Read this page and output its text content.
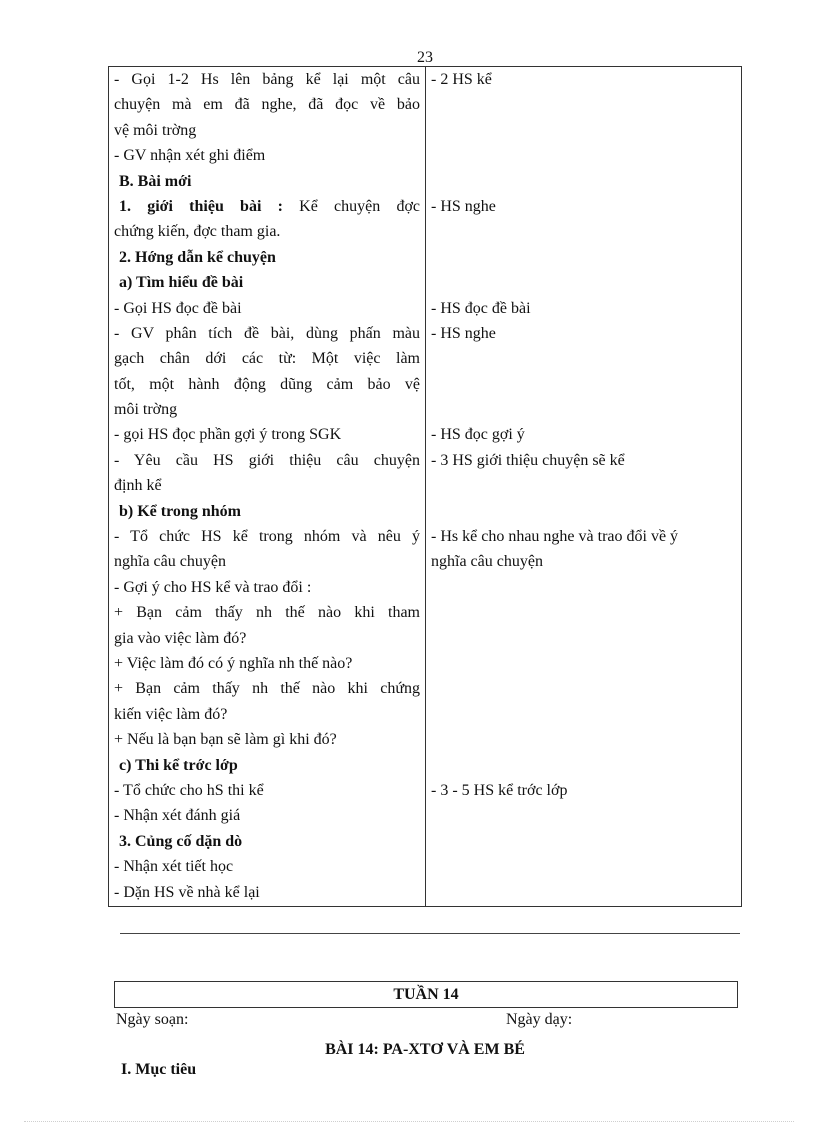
23
- Gọi 1-2 Hs lên bảng kể lại một câu
chuyện mà em đã nghe, đã đọc về bảo
vệ môi trờng
- GV nhận xét ghi điểm
B. Bài mới
1. giới thiệu bài : Kể chuyện đợc
chứng kiến, đợc tham gia.
2. Hớng dẫn kể chuyện
a) Tìm hiểu đề bài
- Gọi HS đọc đề bài
- GV phân tích đề bài, dùng phấn màu
gạch chân dới các từ: Một việc làm
tốt, một hành động dũng cảm bảo vệ
môi trờng
- gọi HS đọc phần gợi ý trong SGK
- Yêu cầu HS giới thiệu câu chuyện
định kể
b) Kể trong nhóm
- Tổ chức HS kể trong nhóm và nêu ý
nghĩa câu chuyện
- Gợi ý cho HS kể và trao đổi :
+ Bạn cảm thấy nh thế nào khi tham
gia vào việc làm đó?
+ Việc làm đó có ý nghĩa nh thế nào?
+ Bạn cảm thấy nh thế nào khi chứng
kiến việc làm đó?
+ Nếu là bạn bạn sẽ làm gì khi đó?
c) Thi kể trớc lớp
- Tổ chức cho hS thi kể
- Nhận xét đánh giá
3. Củng cố dặn dò
- Nhận xét tiết học
- Dặn HS về nhà kể lại
- 2 HS kể
- HS nghe
- HS đọc đề bài
- HS nghe
- HS đọc gợi ý
- 3 HS giới thiệu chuyện sẽ kể
- Hs kể cho nhau nghe và trao đổi về ý
nghĩa câu chuyện
- 3 - 5 HS kể trớc lớp
TUẦN 14
Ngày soạn:	Ngày dạy:
BÀI 14: PA-XTƠ VÀ EM BÉ
I. Mục tiêu
